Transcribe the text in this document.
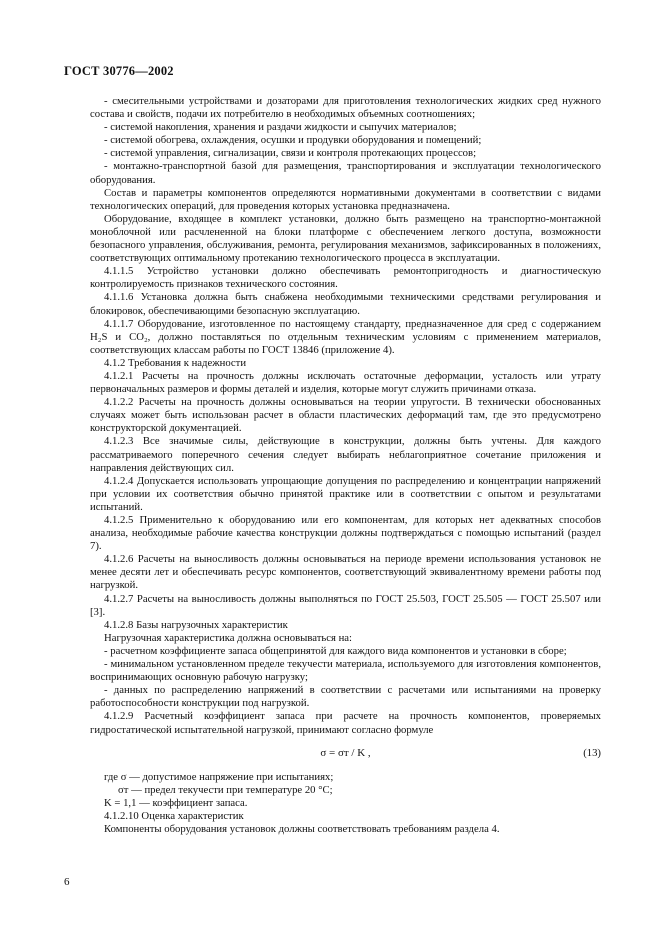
ГОСТ 30776—2002

- смесительными устройствами и дозаторами для приготовления технологических жидких сред нужного состава и свойств, подачи их потребителю в необходимых объемных соотношениях;

- системой накопления, хранения и раздачи жидкости и сыпучих материалов;

- системой обогрева, охлаждения, осушки и продувки оборудования и помещений;

- системой управления, сигнализации, связи и контроля протекающих процессов;

- монтажно-транспортной базой для размещения, транспортирования и эксплуатации технологического оборудования.

Состав и параметры компонентов определяются нормативными документами в соответствии с видами технологических операций, для проведения которых установка предназначена.

Оборудование, входящее в комплект установки, должно быть размещено на транспортно-монтажной моноблочной или расчлененной на блоки платформе с обеспечением легкого доступа, возможности безопасного управления, обслуживания, ремонта, регулирования механизмов, зафиксированных в положениях, соответствующих оптимальному протеканию технологического процесса в эксплуатации.

4.1.1.5 Устройство установки должно обеспечивать ремонтопригодность и диагностическую контролируемость признаков технического состояния.

4.1.1.6 Установка должна быть снабжена необходимыми техническими средствами регулирования и блокировок, обеспечивающими безопасную эксплуатацию.

4.1.1.7 Оборудование, изготовленное по настоящему стандарту, предназначенное для сред с содержанием H₂S и CO₂, должно поставляться по отдельным техническим условиям с применением материалов, соответствующих классам работы по ГОСТ 13846 (приложение 4).

4.1.2 Требования к надежности

4.1.2.1 Расчеты на прочность должны исключать остаточные деформации, усталость или утрату первоначальных размеров и формы деталей и изделия, которые могут служить причинами отказа.

4.1.2.2 Расчеты на прочность должны основываться на теории упругости. В технически обоснованных случаях может быть использован расчет в области пластических деформаций там, где это предусмотрено конструкторской документацией.

4.1.2.3 Все значимые силы, действующие в конструкции, должны быть учтены. Для каждого рассматриваемого поперечного сечения следует выбирать неблагоприятное сочетание приложения и направления действующих сил.

4.1.2.4 Допускается использовать упрощающие допущения по распределению и концентрации напряжений при условии их соответствия обычно принятой практике или в соответствии с опытом и результатами испытаний.

4.1.2.5 Применительно к оборудованию или его компонентам, для которых нет адекватных способов анализа, необходимые рабочие качества конструкции должны подтверждаться с помощью испытаний (раздел 7).

4.1.2.6 Расчеты на выносливость должны основываться на периоде времени использования установок не менее десяти лет и обеспечивать ресурс компонентов, соответствующий эквивалентному времени работы под нагрузкой.

4.1.2.7 Расчеты на выносливость должны выполняться по ГОСТ 25.503, ГОСТ 25.505 — ГОСТ 25.507 или [3].

4.1.2.8 Базы нагрузочных характеристик

Нагрузочная характеристика должна основываться на:

- расчетном коэффициенте запаса общепринятой для каждого вида компонентов и установки в сборе;

- минимальном установленном пределе текучести материала, используемого для изготовления компонентов, воспринимающих основную рабочую нагрузку;

- данных по распределению напряжений в соответствии с расчетами или испытаниями на проверку работоспособности конструкции под нагрузкой.

4.1.2.9 Расчетный коэффициент запаса при расчете на прочность компонентов, проверяемых гидростатической испытательной нагрузкой, принимают согласно формуле

σ = σт / K ,	(13)

где σ — допустимое напряжение при испытаниях;

σт — предел текучести при температуре 20 °С;

K = 1,1 — коэффициент запаса.

4.1.2.10 Оценка характеристик

Компоненты оборудования установок должны соответствовать требованиям раздела 4.

6
